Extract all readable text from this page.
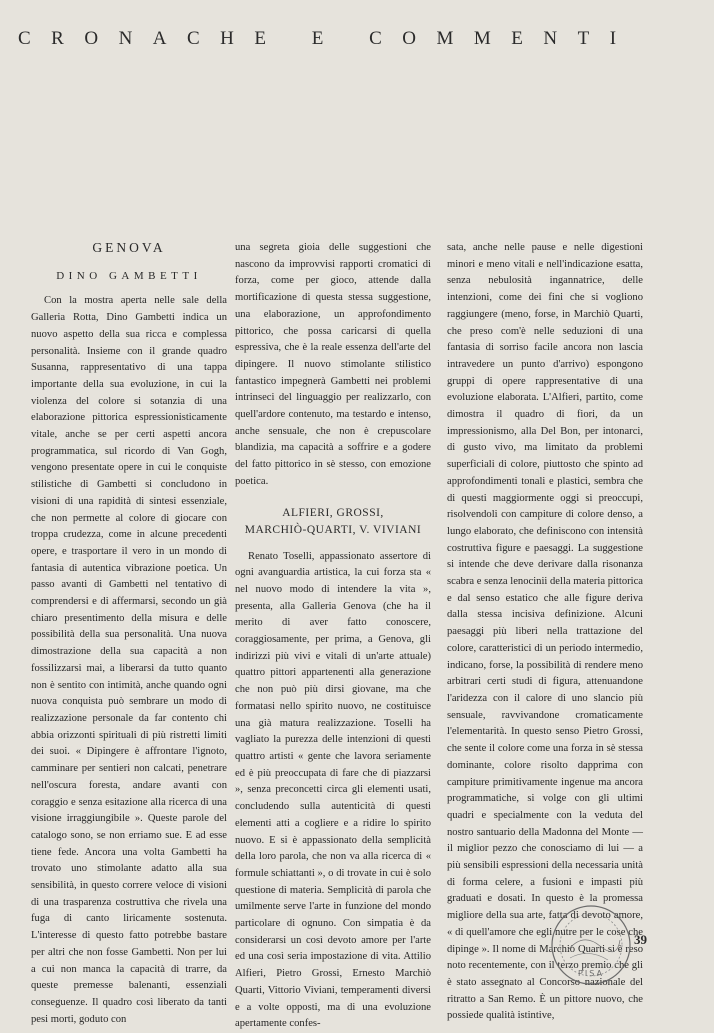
CRONACHE E COMMENTI
GENOVA
DINO GAMBETTI

Con la mostra aperta nelle sale della Galleria Rotta, Dino Gambetti indica un nuovo aspetto della sua ricca e complessa personalità. Insieme con il grande quadro Susanna, rappresentativo di una tappa importante della sua evoluzione, in cui la violenza del colore si sotanzia di una elaborazione pittorica espressionisticamente vitale, anche se per certi aspetti ancora programmatica, sul ricordo di Van Gogh, vengono presentate opere in cui le conquiste stilistiche di Gambetti si concludono in visioni di una rapidità di sintesi essenziale, che non permette al colore di giocare con troppa crudezza, come in alcune precedenti opere, e trasportare il vero in un mondo di fantasia di autentica vibrazione poetica. Un passo avanti di Gambetti nel tentativo di comprendersi e di affermarsi, secondo un già chiaro presentimento della misura e delle possibilità della sua personalità. Una nuova dimostrazione della sua capacità a non fossilizzarsi mai, a liberarsi da tutto quanto non è sentito con intimità, anche quando ogni nuova conquista può sembrare un modo di realizzazione personale da far contento chi abbia orizzonti spirituali di più ristretti limiti dei suoi. « Dipingere è affrontare l'ignoto, camminare per sentieri non calcati, penetrare nell'oscura foresta, andare avanti con coraggio e senza esitazione alla ricerca di una visione irraggiungibile ». Queste parole del catalogo sono, se non erriamo sue. E ad esse tiene fede. Ancora una volta Gambetti ha trovato uno stimolante adatto alla sua sensibilità, in questo correre veloce di visioni di una trasparenza costruttiva che rivela una fuga di canto liricamente sostenuta. L'interesse di questo fatto potrebbe bastare per altri che non fosse Gambetti. Non per lui a cui non manca la capacità di trarre, da queste premesse balenanti, essenziali conseguenze. Il quadro così liberato da tanti pesi morti, goduto con

una segreta gioia delle suggestioni che nascono da improvvisi rapporti cromatici di forza, come per gioco, attende dalla mortificazione di questa stessa suggestione, una elaborazione, un approfondimento pittorico, che possa caricarsi di quella espressiva, che è la reale essenza dell'arte del dipingere. Il nuovo stimolante stilistico fantastico impegnerà Gambetti nei problemi intrinseci del linguaggio per realizzarlo, con quell'ardore contenuto, ma testardo e intenso, anche sensuale, che non è crepuscolare blandizia, ma capacità a soffrire e a godere del fatto pittorico in sè stesso, con emozione poetica.

ALFIERI, GROSSI,
MARCHIÒ-QUARTI, V. VIVIANI

Renato Toselli, appassionato assertore di ogni avanguardia artistica, la cui forza sta « nel nuovo modo di intendere la vita », presenta, alla Galleria Genova (che ha il merito di aver fatto conoscere, coraggiosamente, per prima, a Genova, gli indirizzi più vivi e vitali di un'arte attuale) quattro pittori appartenenti alla generazione che non può più dirsi giovane, ma che formatasi nello spirito nuovo, ne costituisce una già matura realizzazione. Toselli ha vagliato la purezza delle intenzioni di questi quattro artisti « gente che lavora seriamente ed è più preoccupata di fare che di piazzarsi », senza preconcetti circa gli elementi usati, concludendo sulla autenticità di questi elementi atti a cogliere e a ridire lo spirito nuovo. E si è appassionato della semplicità della loro parola, che non va alla ricerca di « formule schiattanti », o di trovate in cui è solo questione di materia. Semplicità di parola che umilmente serve l'arte in funzione del mondo particolare di ognuno. Con simpatia è da considerarsi un così devoto amore per l'arte ed una così seria impostazione di vita. Attilio Alfieri, Pietro Grossi, Ernesto Marchiò Quarti, Vittorio Viviani, temperamenti diversi e a volte opposti, ma di una evoluzione apertamente confes-

sata, anche nelle pause e nelle digestioni minori e meno vitali e nell'indicazione esatta, senza nebulosità ingannatrice, delle intenzioni, come dei fini che si vogliono raggiungere (meno, forse, in Marchiò Quarti, che preso com'è nelle seduzioni di una fantasia di sorriso facile ancora non lascia intravedere un punto d'arrivo) espongono gruppi di opere rappresentative di una evoluzione elaborata. L'Alfieri, partito, come dimostra il quadro di fiori, da un impressionismo, alla Del Bon, per intonarci, di gusto vivo, ma limitato da problemi superficiali di colore, piuttosto che spinto ad approfondimenti tonali e plastici, sembra che di questi maggiormente oggi si preoccupi, risolvendoli con campiture di colore denso, a lungo elaborato, che definiscono con intensità costruttiva figure e paesaggi. La suggestione si intende che deve derivare dalla risonanza scabra e senza lenocinii della materia pittorica e dal senso estatico che alle figure deriva dalla stessa incisiva definizione. Alcuni paesaggi più liberi nella trattazione del colore, caratteristici di un periodo intermedio, indicano, forse, la possibilità di rendere meno arbitrari certi studi di figura, attenuandone l'aridezza con il calore di uno slancio più sensuale, ravvivandone cromaticamente l'elementarità. In questo senso Pietro Grossi, che sente il colore come una forza in sè stessa dominante, colore risolto dapprima con campiture primitivamente ingenue ma ancora programmatiche, si volge con gli ultimi quadri e specialmente con la veduta del nostro santuario della Madonna del Monte — il miglior pezzo che conosciamo di lui — a più sensibili espressioni della necessaria unità di forma celere, a fusioni e impasti più graduati e dosati. In questo è la promessa migliore della sua arte, fatta di devoto amore, « di quell'amore che egli nutre per le cose che dipinge ». Il nome di Marchiò Quarti si è reso noto recentemente, con il terzo premio che gli è stato assegnato al Concorso nazionale del ritratto a San Remo. È un pittore nuovo, che possiede qualità istintive,

PISA
39
